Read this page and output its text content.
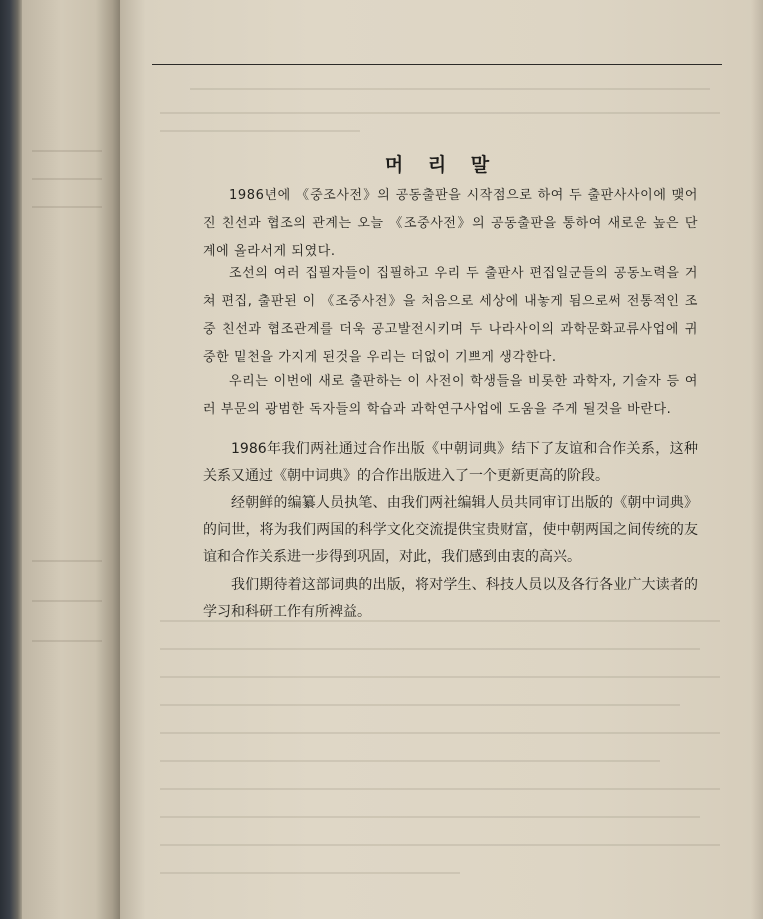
머 리 말

1986년에 《중조사전》의 공동출판을 시작점으로 하여 두 출판사사이에 맺어진 친선과 협조의 관계는 오늘 《조중사전》의 공동출판을 통하여 새로운 높은 단계에 올라서게 되였다.

조선의 여러 집필자들이 집필하고 우리 두 출판사 편집일군들의 공동노력을 거쳐 편집, 출판된 이 《조중사전》을 처음으로 세상에 내놓게 됨으로써 전통적인 조중 친선과 협조관계를 더욱 공고발전시키며 두 나라사이의 과학문화교류사업에 귀중한 밑천을 가지게 된것을 우리는 더없이 기쁘게 생각한다.

우리는 이번에 새로 출판하는 이 사전이 학생들을 비롯한 과학자, 기술자 등 여러 부문의 광범한 독자들의 학습과 과학연구사업에 도움을 주게 될것을 바란다.

1986年我们两社通过合作出版《中朝词典》结下了友谊和合作关系，这种关系又通过《朝中词典》的合作出版进入了一个更新更高的阶段。

经朝鲜的编纂人员执笔、由我们两社编辑人员共同审订出版的《朝中词典》的问世，将为我们两国的科学文化交流提供宝贵财富，使中朝两国之间传统的友谊和合作关系进一步得到巩固，对此，我们感到由衷的高兴。

我们期待着这部词典的出版，将对学生、科技人员以及各行各业广大读者的学习和科研工作有所裨益。
